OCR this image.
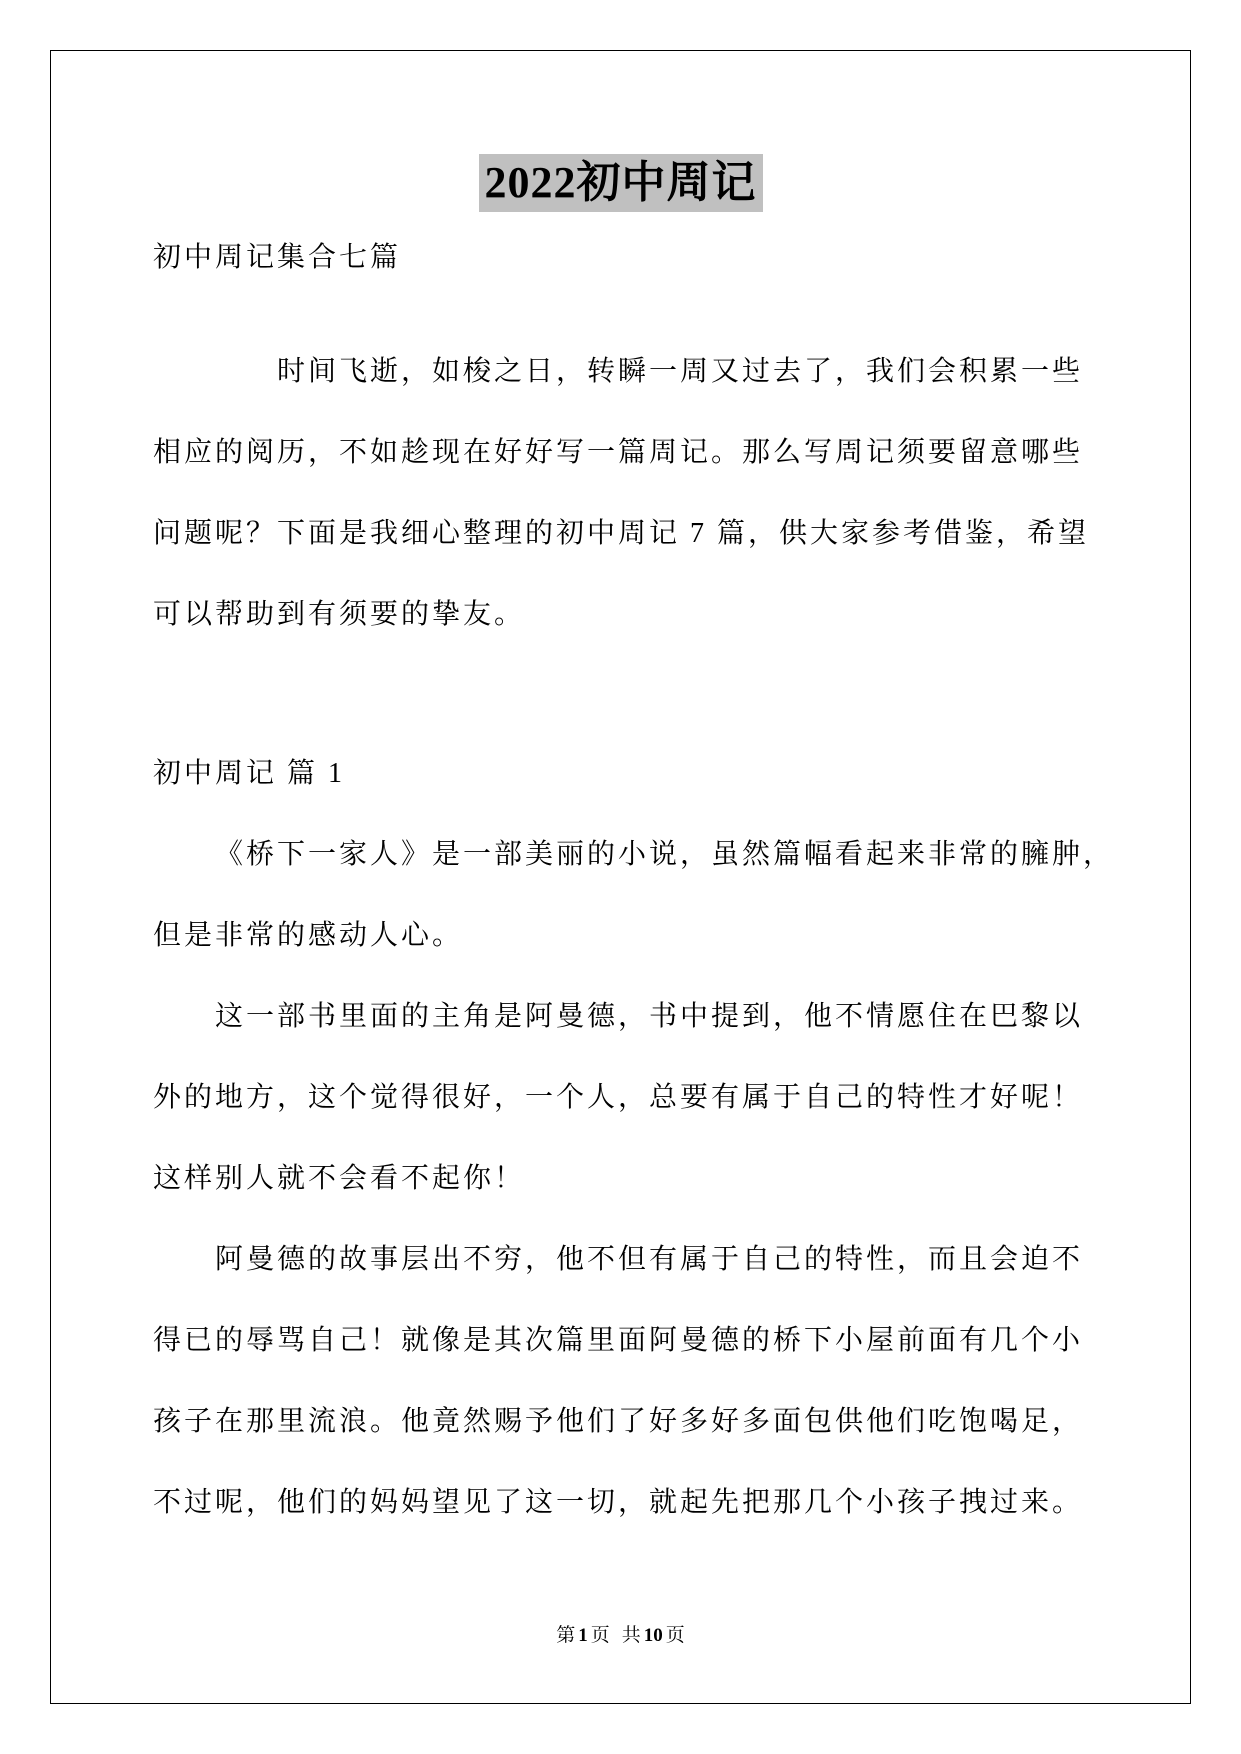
2022初中周记
初中周记集合七篇
时间飞逝，如梭之日，转瞬一周又过去了，我们会积累一些
相应的阅历，不如趁现在好好写一篇周记。那么写周记须要留意哪些
问题呢？下面是我细心整理的初中周记 7 篇，供大家参考借鉴，希望
可以帮助到有须要的挚友。
初中周记 篇 1
《桥下一家人》是一部美丽的小说，虽然篇幅看起来非常的臃肿，
但是非常的感动人心。
这一部书里面的主角是阿曼德，书中提到，他不情愿住在巴黎以
外的地方，这个觉得很好，一个人，总要有属于自己的特性才好呢！
这样别人就不会看不起你！
阿曼德的故事层出不穷，他不但有属于自己的特性，而且会迫不
得已的辱骂自己！就像是其次篇里面阿曼德的桥下小屋前面有几个小
孩子在那里流浪。他竟然赐予他们了好多好多面包供他们吃饱喝足，
不过呢，他们的妈妈望见了这一切，就起先把那几个小孩子拽过来。
第 1 页 共 10 页
